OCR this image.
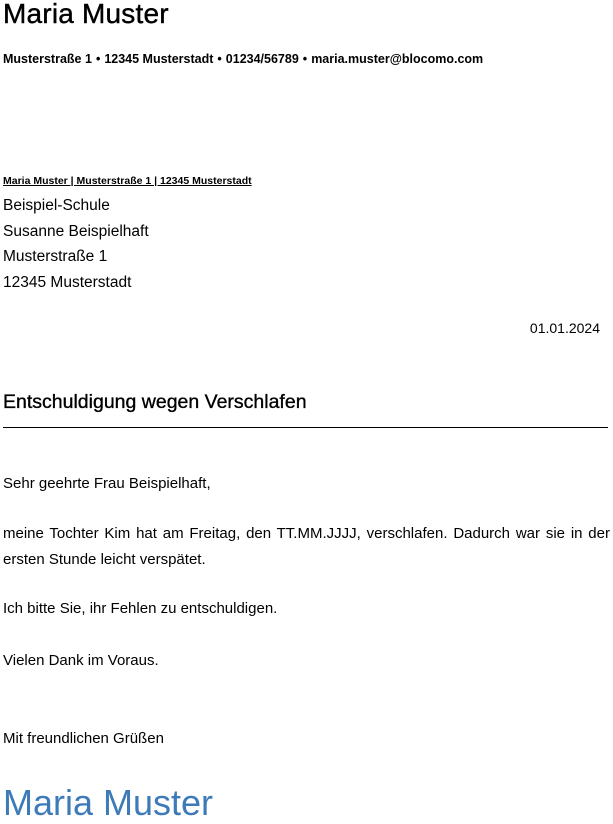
Maria Muster
Musterstraße 1 • 12345 Musterstadt • 01234/56789 • maria.muster@blocomo.com
Maria Muster | Musterstraße 1 | 12345 Musterstadt
Beispiel-Schule
Susanne Beispielhaft
Musterstraße 1
12345 Musterstadt
01.01.2024
Entschuldigung wegen Verschlafen
Sehr geehrte Frau Beispielhaft,
meine Tochter Kim hat am Freitag, den TT.MM.JJJJ, verschlafen. Dadurch war sie in der ersten Stunde leicht verspätet.
Ich bitte Sie, ihr Fehlen zu entschuldigen.
Vielen Dank im Voraus.
Mit freundlichen Grüßen
Maria Muster
